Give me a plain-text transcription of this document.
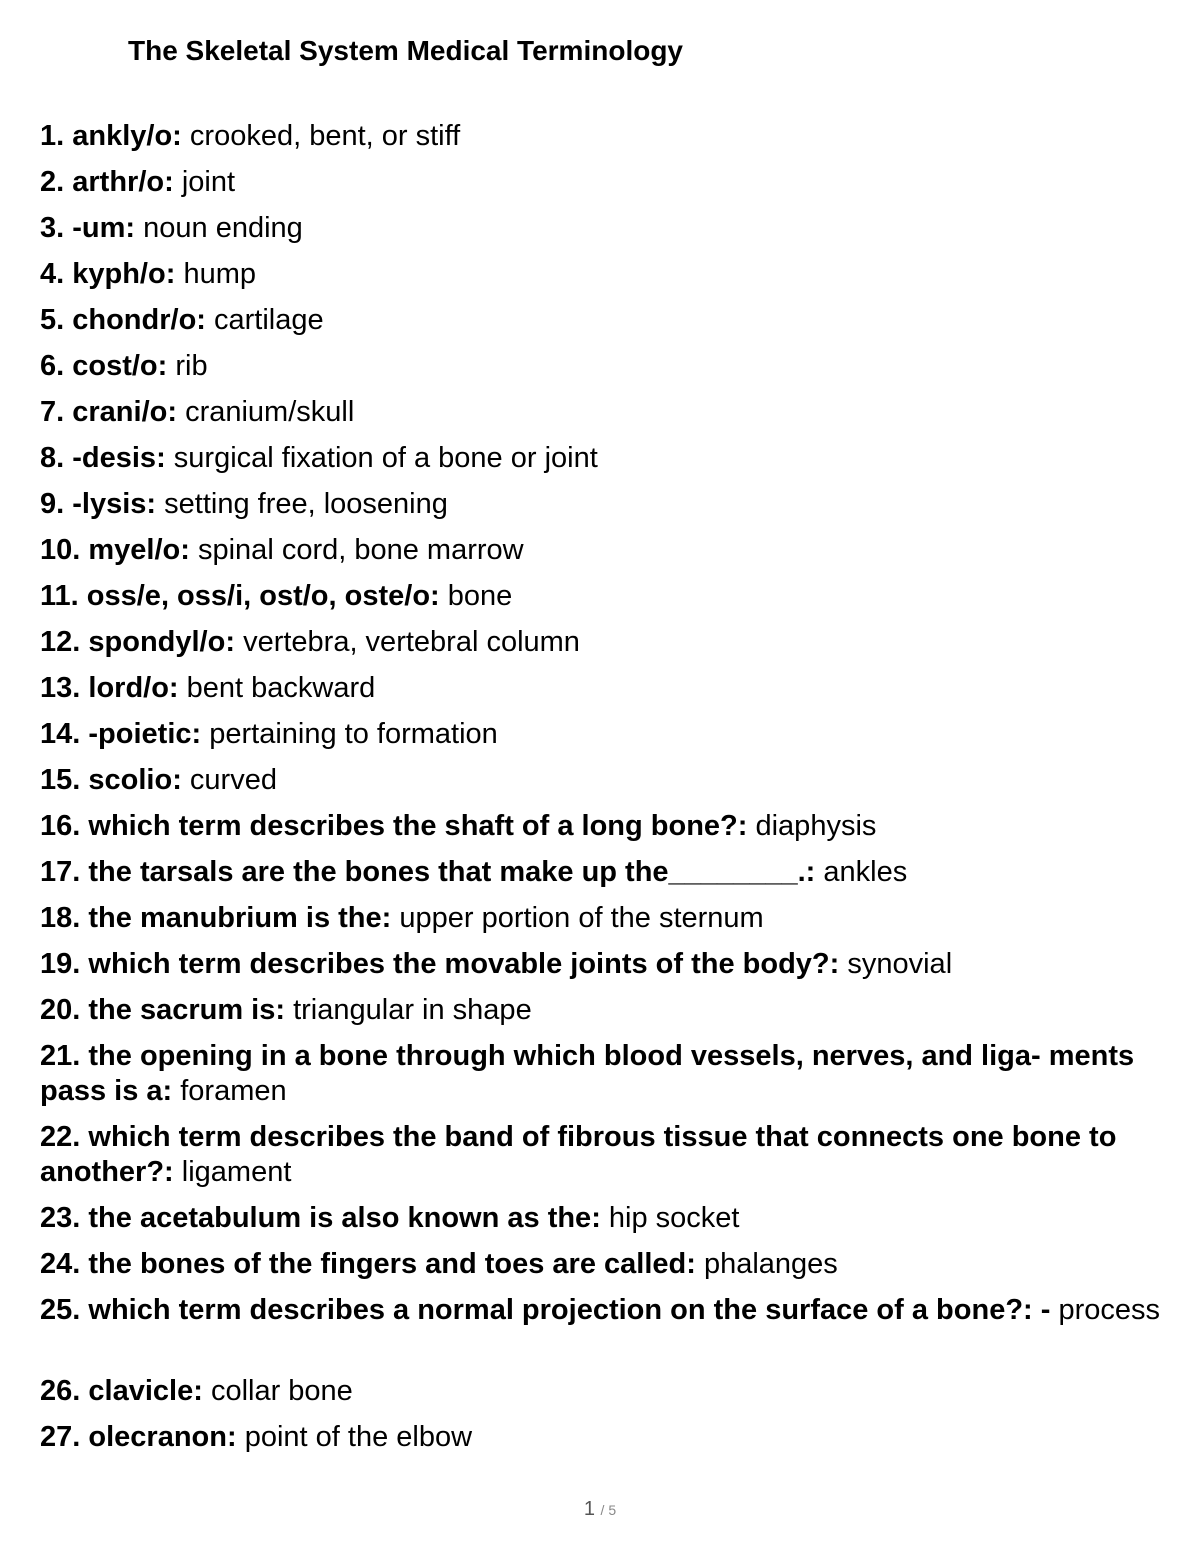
The Skeletal System Medical Terminology
1. ankly/o: crooked, bent, or stiff
2. arthr/o: joint
3. -um: noun ending
4. kyph/o: hump
5. chondr/o: cartilage
6. cost/o: rib
7. crani/o: cranium/skull
8. -desis: surgical fixation of a bone or joint
9. -lysis: setting free, loosening
10. myel/o: spinal cord, bone marrow
11. oss/e, oss/i, ost/o, oste/o: bone
12. spondyl/o: vertebra, vertebral column
13. lord/o: bent backward
14. -poietic: pertaining to formation
15. scolio: curved
16. which term describes the shaft of a long bone?: diaphysis
17. the tarsals are the bones that make up the________.: ankles
18. the manubrium is the: upper portion of the sternum
19. which term describes the movable joints of the body?: synovial
20. the sacrum is: triangular in shape
21. the opening in a bone through which blood vessels, nerves, and liga- ments pass is a: foramen
22. which term describes the band of fibrous tissue that connects one bone to another?: ligament
23. the acetabulum is also known as the: hip socket
24. the bones of the fingers and toes are called: phalanges
25. which term describes a normal projection on the surface of a bone?: - process
26. clavicle: collar bone
27. olecranon: point of the elbow
1 / 5
